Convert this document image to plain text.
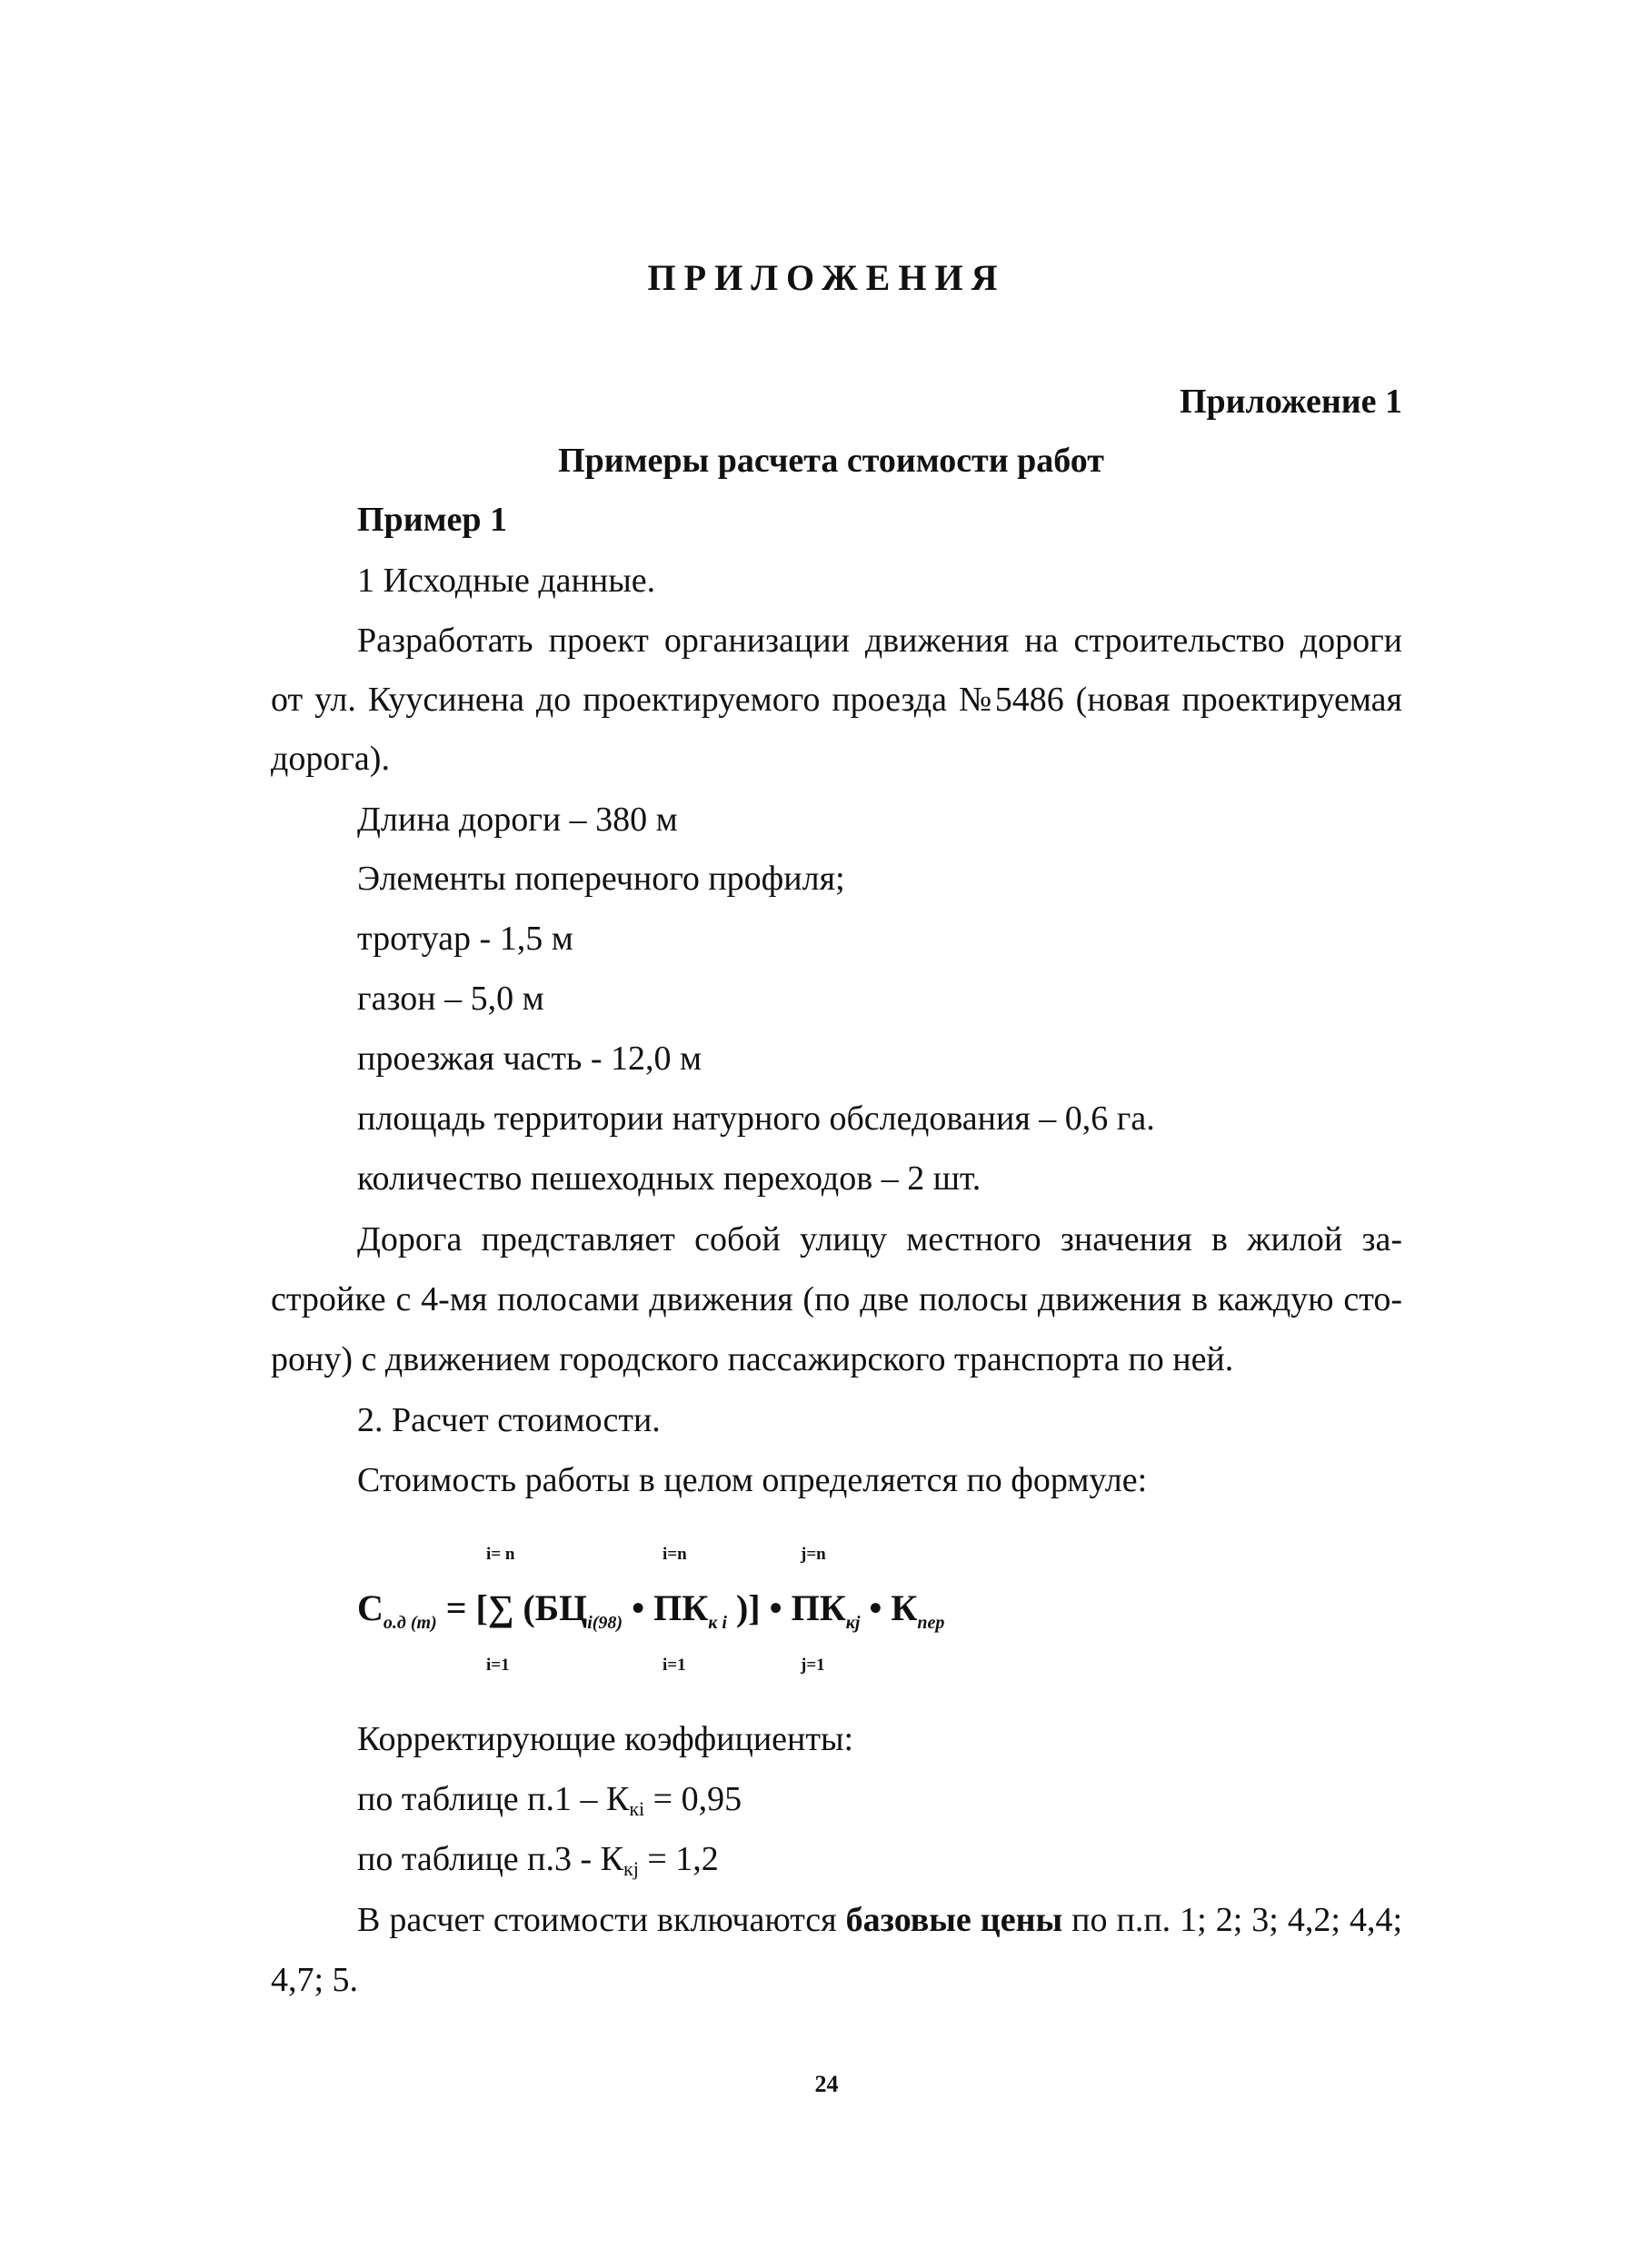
ПРИЛОЖЕНИЯ
Приложение 1
Примеры расчета стоимости работ
Пример 1
1 Исходные данные.
Разработать проект организации движения на строительство дороги
от ул. Куусинена до проектируемого проезда №5486 (новая проектируемая
дорога).
Длина дороги – 380 м
Элементы поперечного профиля;
тротуар - 1,5 м
газон – 5,0 м
проезжая часть - 12,0 м
площадь территории натурного обследования – 0,6 га.
количество пешеходных переходов – 2 шт.
Дорога представляет собой улицу местного значения в жилой за-
стройке с 4-мя полосами движения (по две полосы движения в каждую сто-
рону) с движением городского пассажирского транспорта по ней.
2. Расчет стоимости.
Стоимость работы в целом определяется по формуле:
i= n	i=n	j=n
$С_{о.д (т)}$ = [∑ ($БЦ_{i(98)}$ • $ПК_{к i}$ )] • $ПК_{кj}$ • $К_{пер}$
i=1	i=1	j=1
Корректирующие коэффициенты:
по таблице $п.1 - К_{кi} = 0,95$
по таблице $п.3 - К_{кj} = 1,2$
В расчет стоимости включаются базовые цены по п.п. 1; 2; 3; 4,2; 4,4;
4,7; 5.
24
